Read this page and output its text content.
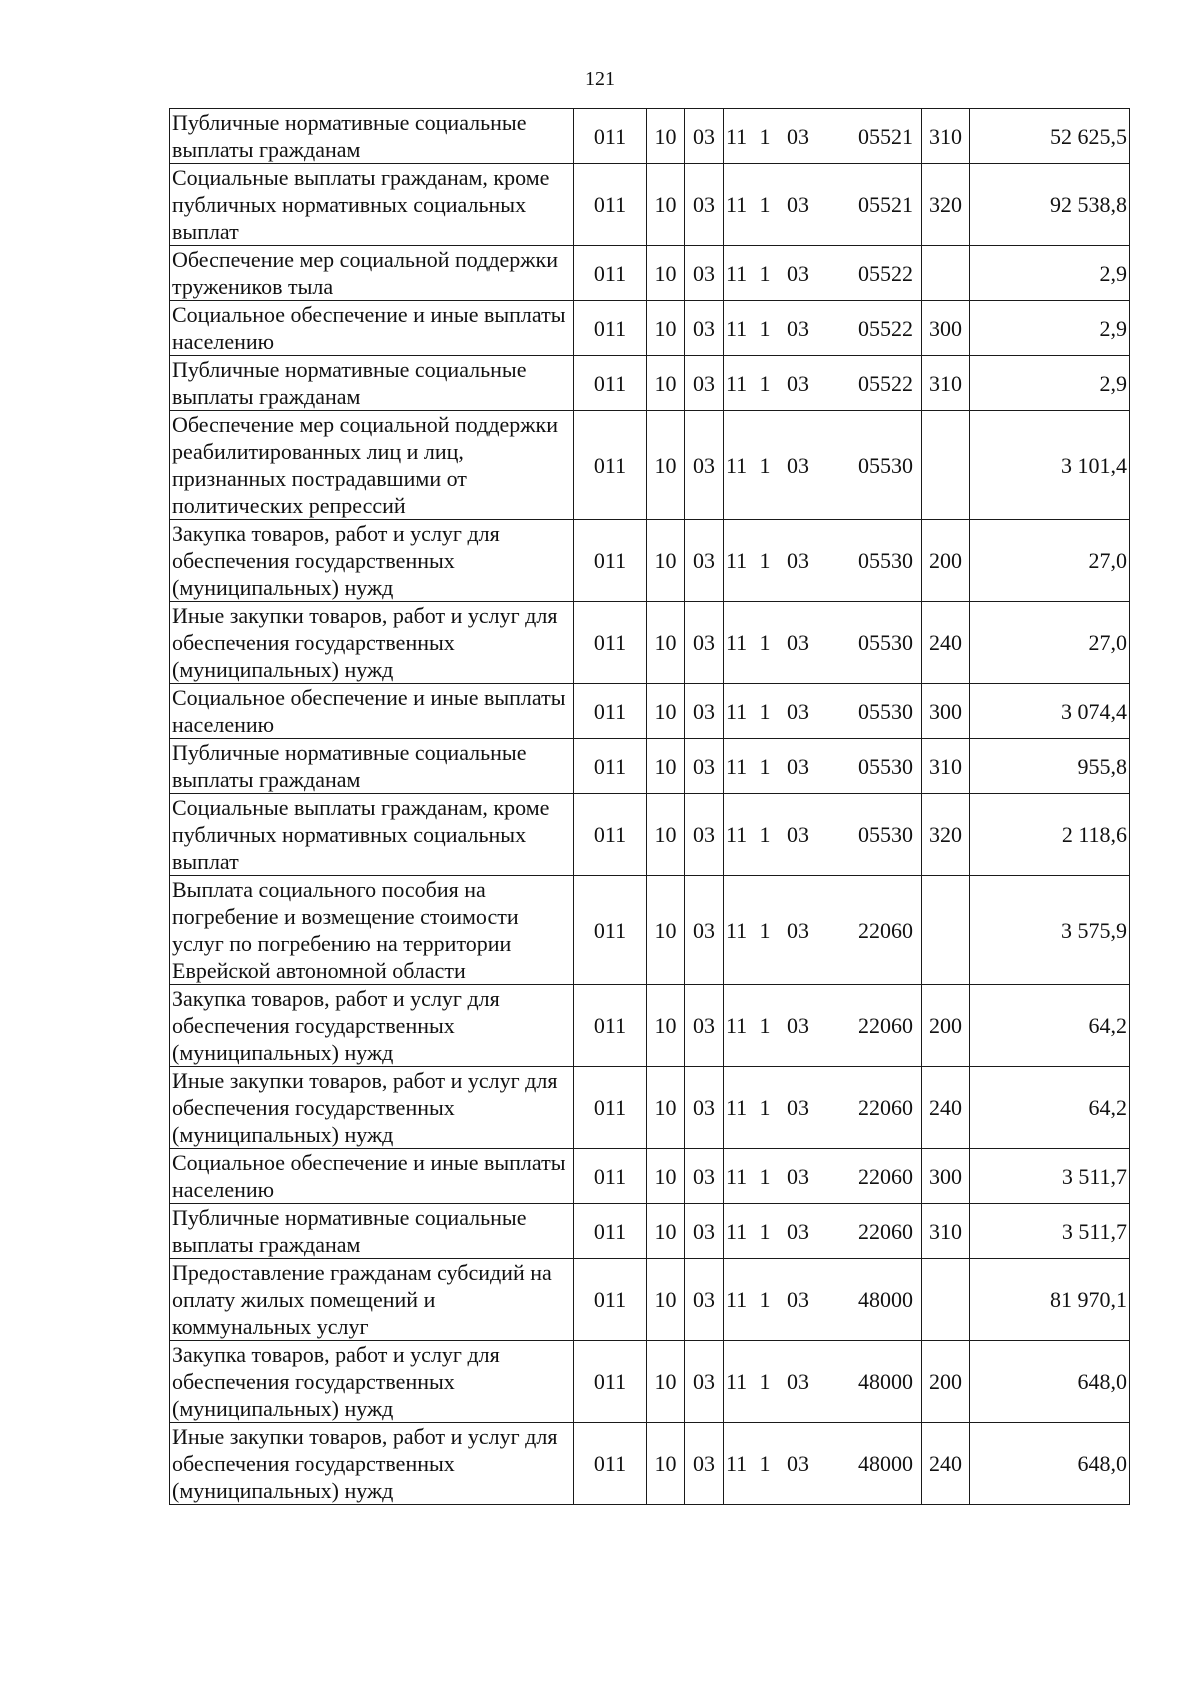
121
Публичные нормативные социальные выплаты гражданам	011	10	03	11 1 03 05521	310	52 625,5
Социальные выплаты гражданам, кроме публичных нормативных социальных выплат	011	10	03	11 1 03 05521	320	92 538,8
Обеспечение мер социальной поддержки тружеников тыла	011	10	03	11 1 03 05522		2,9
Социальное обеспечение и иные выплаты населению	011	10	03	11 1 03 05522	300	2,9
Публичные нормативные социальные выплаты гражданам	011	10	03	11 1 03 05522	310	2,9
Обеспечение мер социальной поддержки реабилитированных лиц и лиц, признанных пострадавшими от политических репрессий	011	10	03	11 1 03 05530		3 101,4
Закупка товаров, работ и услуг для обеспечения государственных (муниципальных) нужд	011	10	03	11 1 03 05530	200	27,0
Иные закупки товаров, работ и услуг для обеспечения государственных (муниципальных) нужд	011	10	03	11 1 03 05530	240	27,0
Социальное обеспечение и иные выплаты населению	011	10	03	11 1 03 05530	300	3 074,4
Публичные нормативные социальные выплаты гражданам	011	10	03	11 1 03 05530	310	955,8
Социальные выплаты гражданам, кроме публичных нормативных социальных выплат	011	10	03	11 1 03 05530	320	2 118,6
Выплата социального пособия на погребение и возмещение стоимости услуг по погребению на территории Еврейской автономной области	011	10	03	11 1 03 22060		3 575,9
Закупка товаров, работ и услуг для обеспечения государственных (муниципальных) нужд	011	10	03	11 1 03 22060	200	64,2
Иные закупки товаров, работ и услуг для обеспечения государственных (муниципальных) нужд	011	10	03	11 1 03 22060	240	64,2
Социальное обеспечение и иные выплаты населению	011	10	03	11 1 03 22060	300	3 511,7
Публичные нормативные социальные выплаты гражданам	011	10	03	11 1 03 22060	310	3 511,7
Предоставление гражданам субсидий на оплату жилых помещений и коммунальных услуг	011	10	03	11 1 03 48000		81 970,1
Закупка товаров, работ и услуг для обеспечения государственных (муниципальных) нужд	011	10	03	11 1 03 48000	200	648,0
Иные закупки товаров, работ и услуг для обеспечения государственных (муниципальных) нужд	011	10	03	11 1 03 48000	240	648,0
